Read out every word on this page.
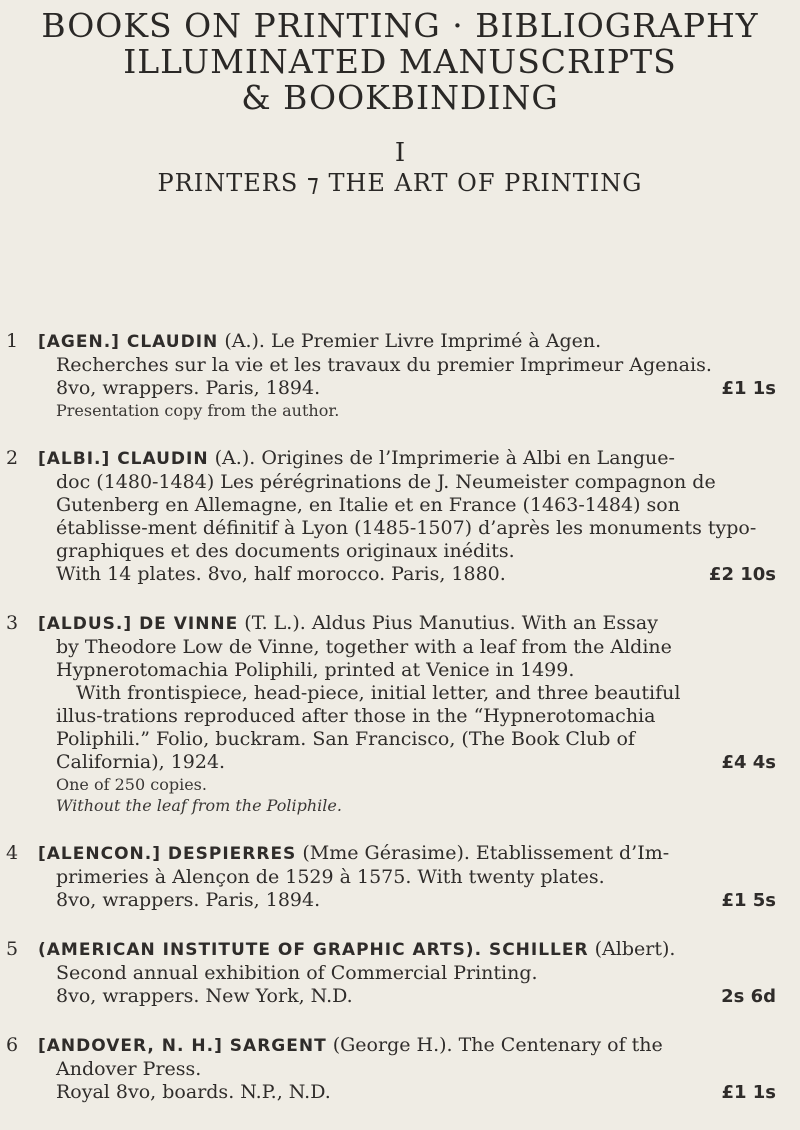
BOOKS ON PRINTING · BIBLIOGRAPHY
ILLUMINATED MANUSCRIPTS
& BOOKBINDING
I
PRINTERS ⁊ THE ART OF PRINTING
1	[AGEN.] CLAUDIN (A.). Le Premier Livre Imprimé à Agen.
Recherches sur la vie et les travaux du premier Imprimeur Agenais.
8vo, wrappers. Paris, 1894.	£1 1s
Presentation copy from the author.
2	[ALBI.] CLAUDIN (A.). Origines de l’Imprimerie à Albi en Langue-
doc (1480-1484) Les pérégrinations de J. Neumeister compagnon de Gutenberg en Allemagne, en Italie et en France (1463-1484) son établisse-ment définitif à Lyon (1485-1507) d’après les monuments typo-graphiques et des documents originaux inédits.
With 14 plates. 8vo, half morocco. Paris, 1880.	£2 10s
3	[ALDUS.] DE VINNE (T. L.). Aldus Pius Manutius. With an Essay
by Theodore Low de Vinne, together with a leaf from the Aldine Hypnerotomachia Poliphili, printed at Venice in 1499.
With frontispiece, head-piece, initial letter, and three beautiful illus-trations reproduced after those in the “Hypnerotomachia Poliphili.” Folio, buckram. San Francisco, (The Book Club of California), 1924.	£4 4s
One of 250 copies.
Without the leaf from the Poliphile.
4	[ALENCON.] DESPIERRES (Mme Gérasime). Etablissement d’Im-
primeries à Alençon de 1529 à 1575. With twenty plates.
8vo, wrappers. Paris, 1894.	£1 5s
5	(AMERICAN INSTITUTE OF GRAPHIC ARTS). SCHILLER (Albert).
Second annual exhibition of Commercial Printing.
8vo, wrappers. New York, N.D.	2s 6d
6	[ANDOVER, N. H.] SARGENT (George H.). The Centenary of the
Andover Press.
Royal 8vo, boards. N.P., N.D.	£1 1s
